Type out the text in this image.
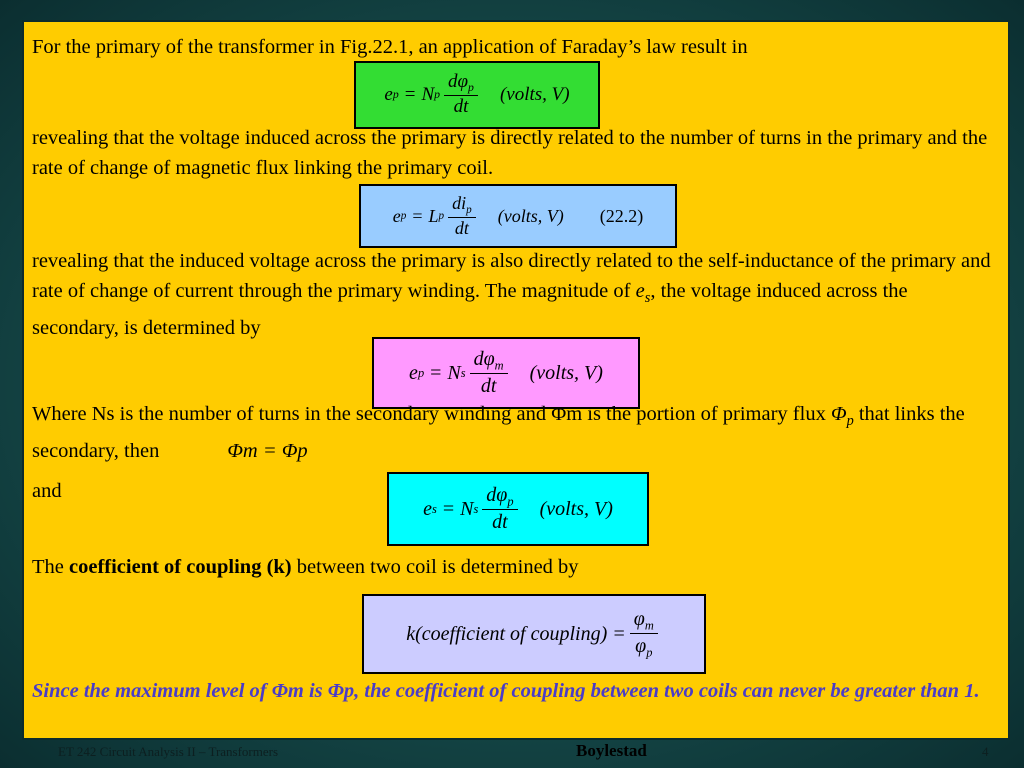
For the primary of the transformer in Fig.22.1, an application of Faraday’s law result in
e p = N p $\frac{d\varphi_p}{dt}$ (volts, V)
revealing that the voltage induced across the primary is directly related to the number of turns in the primary and the rate of change of magnetic flux linking the primary coil.
e p = L p $\frac{di_p}{dt}$ (volts, V) (22.2)
revealing that the induced voltage across the primary is also directly related to the self-inductance of the primary and rate of change of current through the primary winding. The magnitude of $e_s$, the voltage induced across the secondary, is determined by
e p = N s $\frac{d\varphi_m}{dt}$ (volts, V)
Where Ns is the number of turns in the secondary winding and Φm is the portion of primary flux $\Phi_p$ that links the secondary, then	Φm = Φp
and
e s = N s $\frac{d\varphi_p}{dt}$ (volts, V)
The coefficient of coupling (k) between two coil is determined by
k(coefficient of coupling) = $\frac{\varphi_m}{\varphi_p}$
Since the maximum level of Φm is Φp, the coefficient of coupling between two coils can never be greater than 1.
ET 242 Circuit Analysis II – Transformers	Boylestad	4
